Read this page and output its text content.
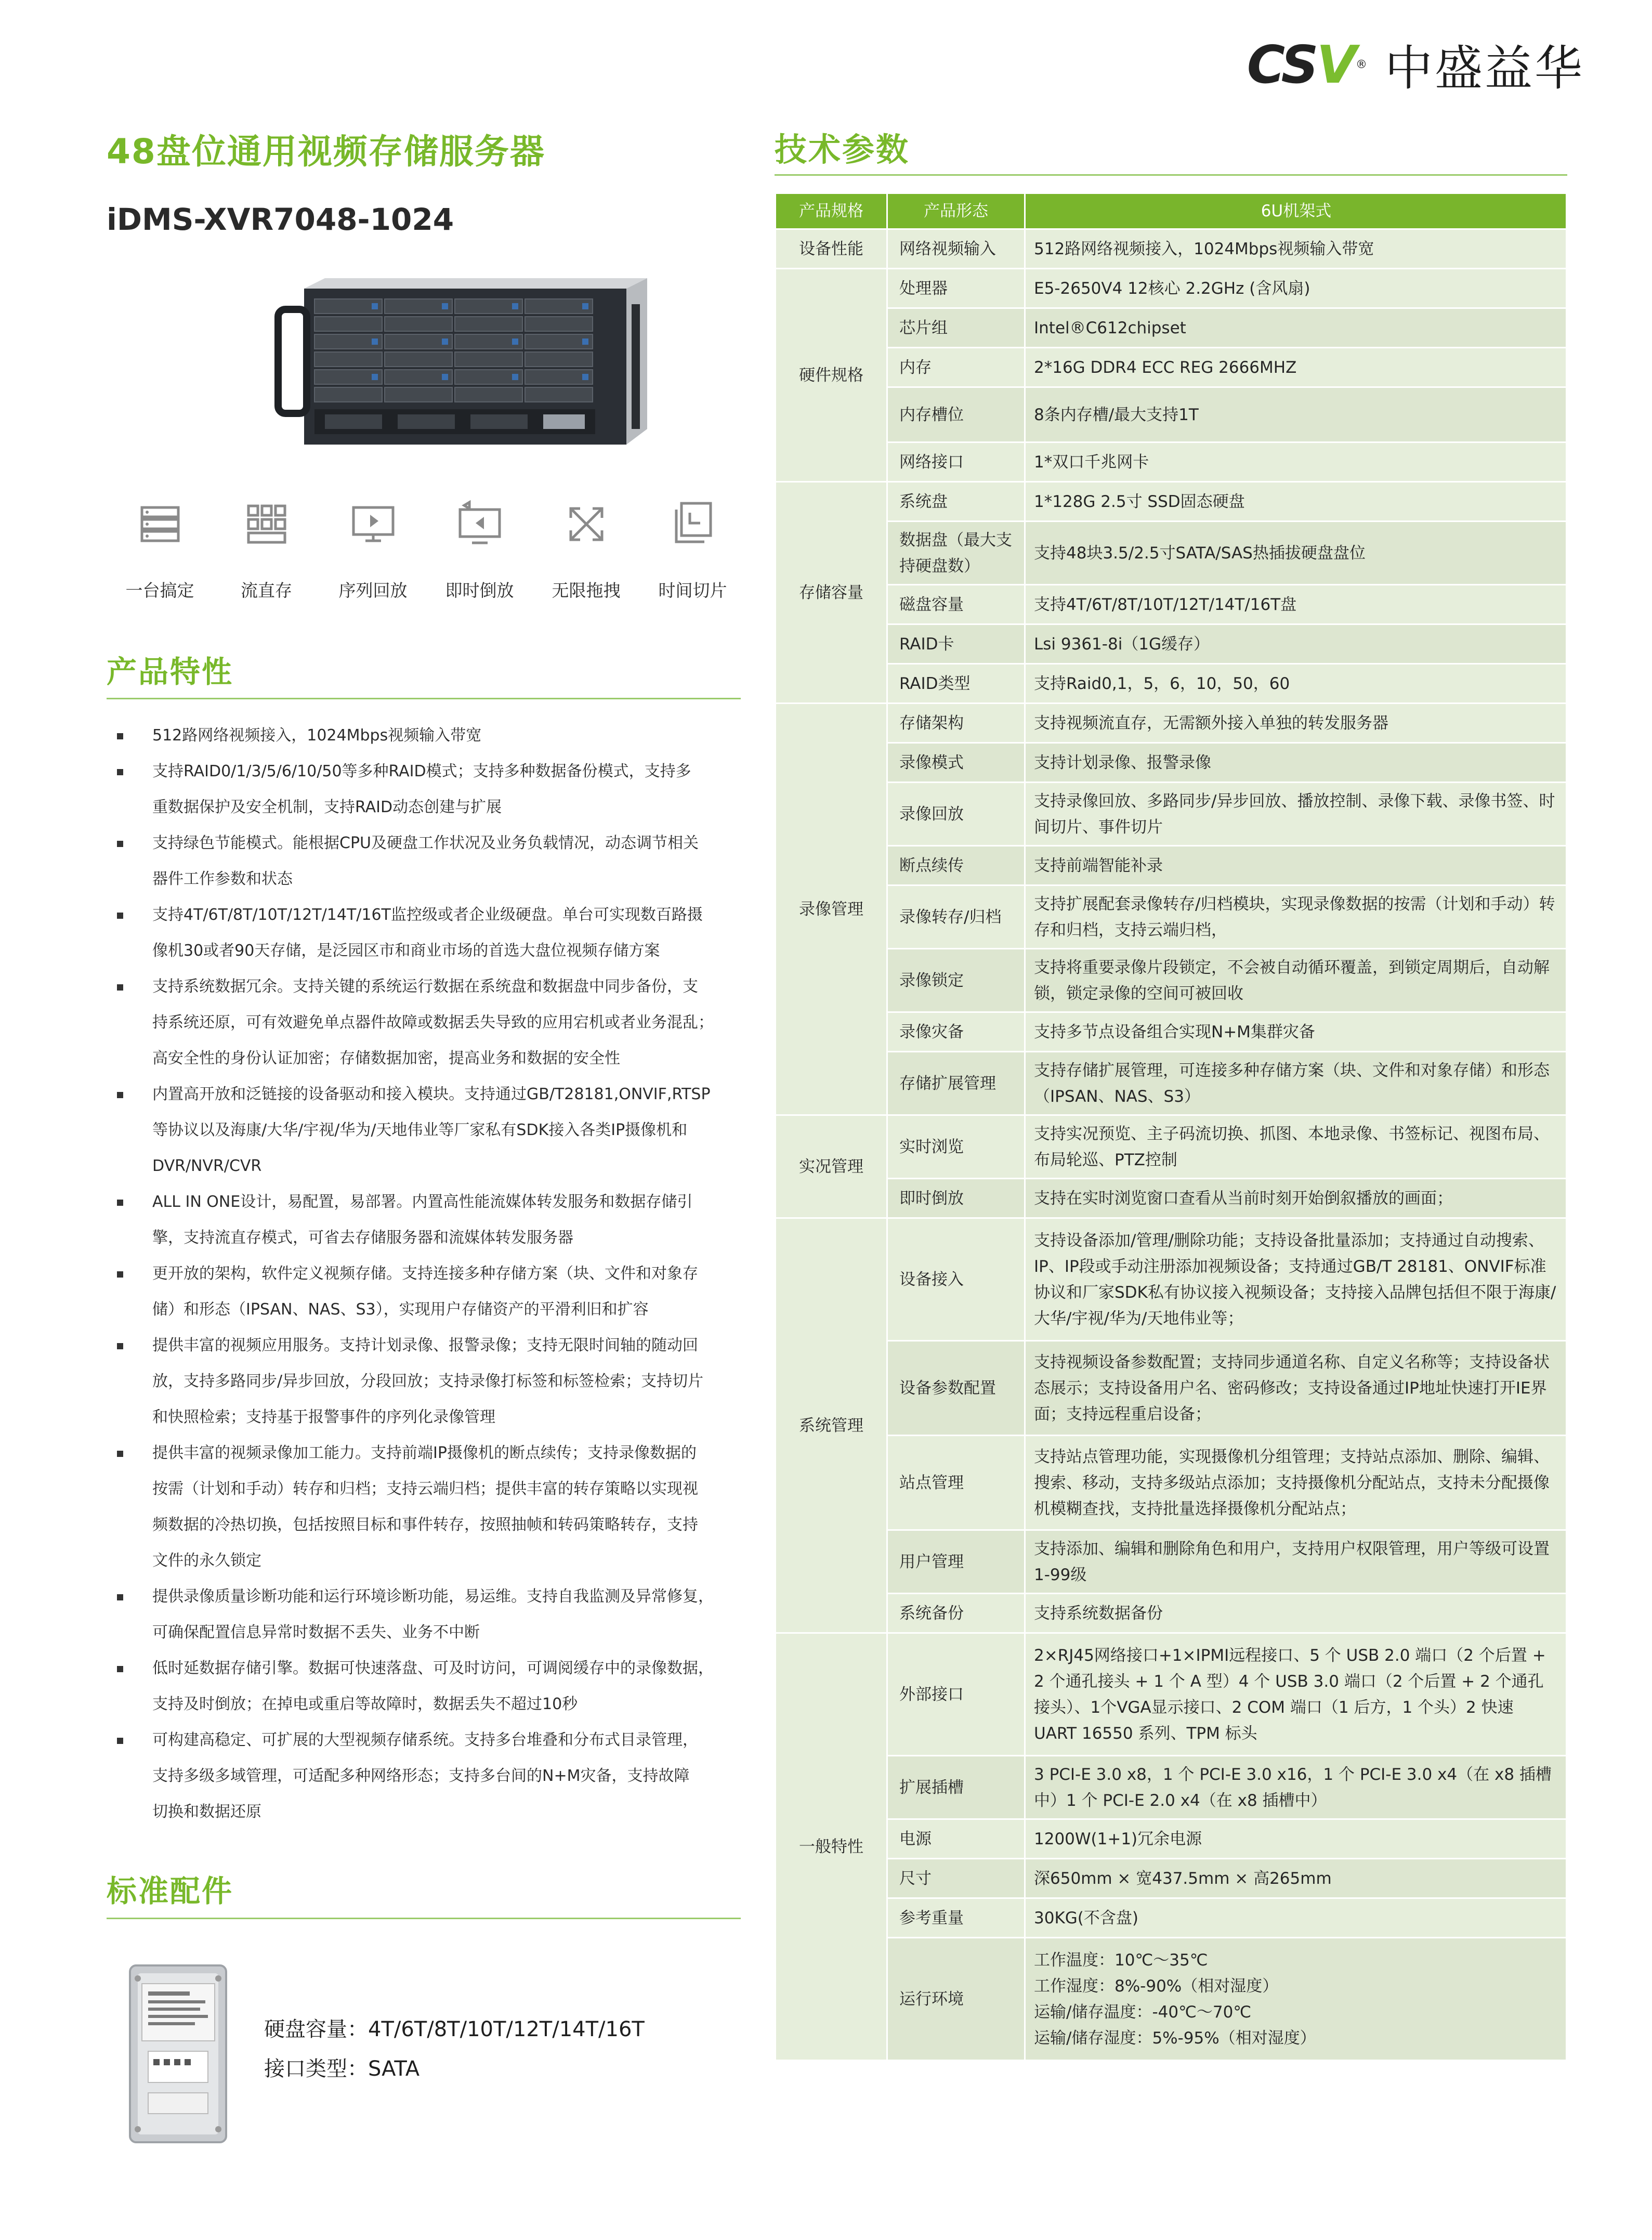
CSV ® 中盛益华
48盘位通用视频存储服务器
iDMS-XVR7048-1024
一台搞定	流直存	序列回放	即时倒放	无限拖拽	时间切片
产品特性
512路网络视频接入，1024Mbps视频输入带宽
支持RAID0/1/3/5/6/10/50等多种RAID模式；支持多种数据备份模式，支持多
重数据保护及安全机制，支持RAID动态创建与扩展
支持绿色节能模式。能根据CPU及硬盘工作状况及业务负载情况，动态调节相关
器件工作参数和状态
支持4T/6T/8T/10T/12T/14T/16T监控级或者企业级硬盘。单台可实现数百路摄
像机30或者90天存储，是泛园区市和商业市场的首选大盘位视频存储方案
支持系统数据冗余。支持关键的系统运行数据在系统盘和数据盘中同步备份，支
持系统还原，可有效避免单点器件故障或数据丢失导致的应用宕机或者业务混乱；
高安全性的身份认证加密；存储数据加密，提高业务和数据的安全性
内置高开放和泛链接的设备驱动和接入模块。支持通过GB/T28181,ONVIF,RTSP
等协议以及海康/大华/宇视/华为/天地伟业等厂家私有SDK接入各类IP摄像机和
DVR/NVR/CVR
ALL IN ONE设计，易配置，易部署。内置高性能流媒体转发服务和数据存储引
擎，支持流直存模式，可省去存储服务器和流媒体转发服务器
更开放的架构，软件定义视频存储。支持连接多种存储方案（块、文件和对象存
储）和形态（IPSAN、NAS、S3），实现用户存储资产的平滑利旧和扩容
提供丰富的视频应用服务。支持计划录像、报警录像；支持无限时间轴的随动回
放，支持多路同步/异步回放，分段回放；支持录像打标签和标签检索；支持切片
和快照检索；支持基于报警事件的序列化录像管理
提供丰富的视频录像加工能力。支持前端IP摄像机的断点续传；支持录像数据的
按需（计划和手动）转存和归档；支持云端归档；提供丰富的转存策略以实现视
频数据的冷热切换，包括按照目标和事件转存，按照抽帧和转码策略转存，支持
文件的永久锁定
提供录像质量诊断功能和运行环境诊断功能，易运维。支持自我监测及异常修复，
可确保配置信息异常时数据不丢失、业务不中断
低时延数据存储引擎。数据可快速落盘、可及时访问，可调阅缓存中的录像数据，
支持及时倒放；在掉电或重启等故障时，数据丢失不超过10秒
可构建高稳定、可扩展的大型视频存储系统。支持多台堆叠和分布式目录管理，
支持多级多域管理，可适配多种网络形态；支持多台间的N+M灾备，支持故障
切换和数据还原
标准配件
硬盘容量：4T/6T/8T/10T/12T/14T/16T
接口类型：SATA
技术参数
产品规格	产品形态	6U机架式
设备性能	网络视频输入	512路网络视频接入，1024Mbps视频输入带宽
硬件规格	处理器	E5-2650V4 12核心 2.2GHz (含风扇)
	芯片组	Intel®C612chipset
	内存	2*16G DDR4 ECC REG 2666MHZ
	内存槽位	8条内存槽/最大支持1T
	网络接口	1*双口千兆网卡
存储容量	系统盘	1*128G 2.5寸 SSD固态硬盘
	数据盘（最大支持硬盘数）	支持48块3.5/2.5寸SATA/SAS热插拔硬盘盘位
	磁盘容量	支持4T/6T/8T/10T/12T/14T/16T盘
	RAID卡	Lsi 9361-8i（1G缓存）
	RAID类型	支持Raid0,1，5，6，10，50，60
录像管理	存储架构	支持视频流直存，无需额外接入单独的转发服务器
	录像模式	支持计划录像、报警录像
	录像回放	支持录像回放、多路同步/异步回放、播放控制、录像下载、录像书签、时间切片、事件切片
	断点续传	支持前端智能补录
	录像转存/归档	支持扩展配套录像转存/归档模块，实现录像数据的按需（计划和手动）转存和归档，支持云端归档，
	录像锁定	支持将重要录像片段锁定，不会被自动循环覆盖，到锁定周期后，自动解锁，锁定录像的空间可被回收
	录像灾备	支持多节点设备组合实现N+M集群灾备
	存储扩展管理	支持存储扩展管理，可连接多种存储方案（块、文件和对象存储）和形态（IPSAN、NAS、S3）
实况管理	实时浏览	支持实况预览、主子码流切换、抓图、本地录像、书签标记、视图布局、布局轮巡、PTZ控制
	即时倒放	支持在实时浏览窗口查看从当前时刻开始倒叙播放的画面；
系统管理	设备接入	支持设备添加/管理/删除功能；支持设备批量添加；支持通过自动搜索、IP、IP段或手动注册添加视频设备；支持通过GB/T 28181、ONVIF标准协议和厂家SDK私有协议接入视频设备；支持接入品牌包括但不限于海康/大华/宇视/华为/天地伟业等；
	设备参数配置	支持视频设备参数配置；支持同步通道名称、自定义名称等；支持设备状态展示；支持设备用户名、密码修改；支持设备通过IP地址快速打开IE界面；支持远程重启设备；
	站点管理	支持站点管理功能，实现摄像机分组管理；支持站点添加、删除、编辑、搜索、移动，支持多级站点添加；支持摄像机分配站点，支持未分配摄像机模糊查找，支持批量选择摄像机分配站点；
	用户管理	支持添加、编辑和删除角色和用户，支持用户权限管理，用户等级可设置1-99级
	系统备份	支持系统数据备份
一般特性	外部接口	2×RJ45网络接口+1×IPMI远程接口、5 个 USB 2.0 端口（2 个后置 + 2 个通孔接头 + 1 个 A 型）4 个 USB 3.0 端口（2 个后置 + 2 个通孔接头）、1个VGA显示接口、2 COM 端口（1 后方，1 个头）2 快速 UART 16550 系列、TPM 标头
	扩展插槽	3 PCI-E 3.0 x8，1 个 PCI-E 3.0 x16，1 个 PCI-E 3.0 x4（在 x8 插槽中）1 个 PCI-E 2.0 x4（在 x8 插槽中）
	电源	1200W(1+1)冗余电源
	尺寸	深650mm × 宽437.5mm × 高265mm
	参考重量	30KG(不含盘)
	运行环境	工作温度：10℃～35℃
工作湿度：8%-90%（相对湿度）
运输/储存温度：-40℃～70℃
运输/储存湿度：5%-95%（相对湿度）
